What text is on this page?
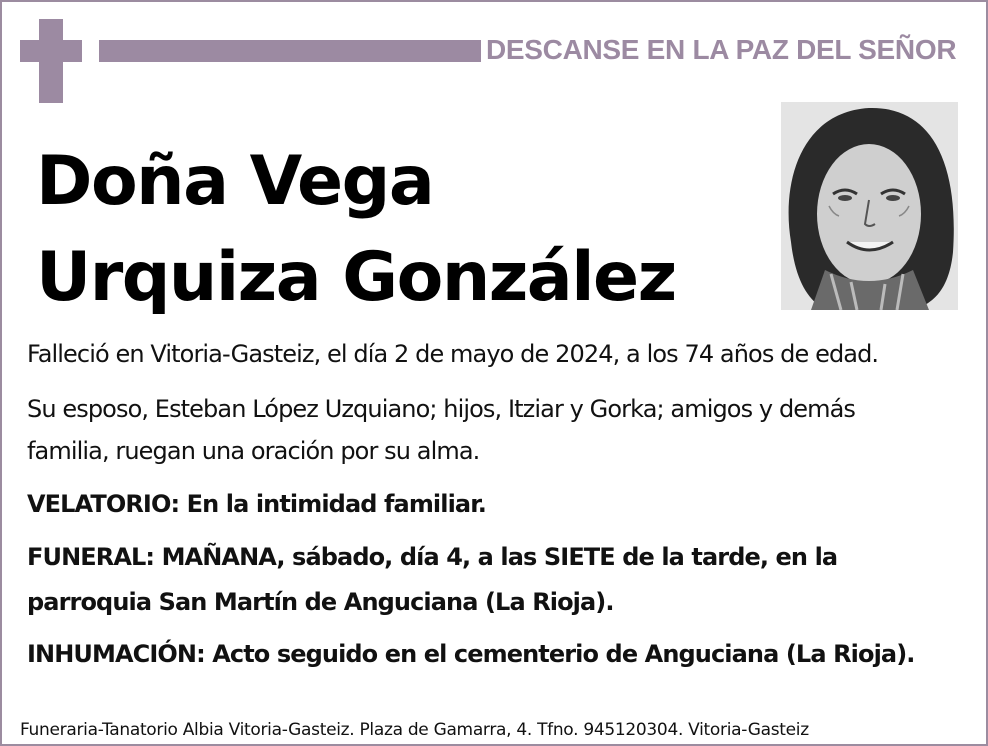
DESCANSE EN LA PAZ DEL SEÑOR
Doña Vega
Urquiza González
Falleció en Vitoria-Gasteiz, el día 2 de mayo de 2024, a los 74 años de edad.
Su esposo, Esteban López Uzquiano; hijos, Itziar y Gorka; amigos y demás
familia, ruegan una oración por su alma.
VELATORIO: En la intimidad familiar.
FUNERAL: MAÑANA, sábado, día 4, a las SIETE de la tarde, en la
parroquia San Martín de Anguciana (La Rioja).
INHUMACIÓN: Acto seguido en el cementerio de Anguciana (La Rioja).
Funeraria-Tanatorio Albia Vitoria-Gasteiz. Plaza de Gamarra, 4. Tfno. 945120304. Vitoria-Gasteiz
